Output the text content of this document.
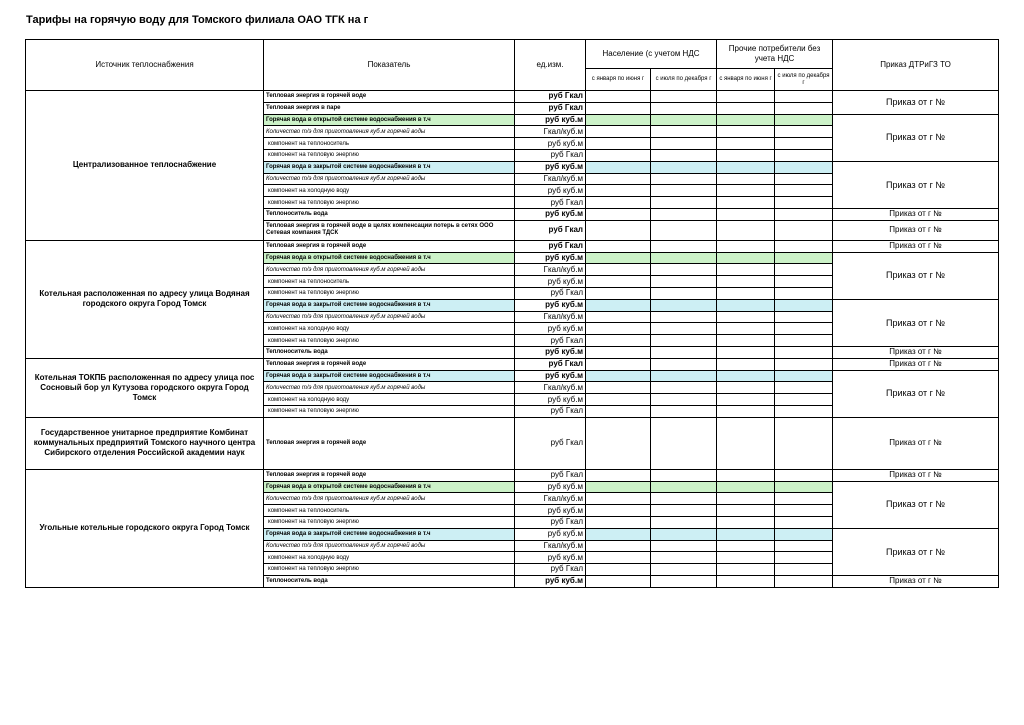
Тарифы на горячую воду для Томского филиала ОАО ТГК на г
Источник теплоснабжения	Показатель	ед.изм.	Население (с учетом НДС		Прочие потребители без учета НДС		Приказ ДТРиГЗ ТО
			с января по июня г	с июля по декабря г	с января по июня г	с июля по декабря г	
Централизованное теплоснабжение	Тепловая энергия в горячей воде	руб Гкал					Приказ от г №
	Тепловая энергия в паре	руб Гкал					
	Горячая вода в открытой системе водоснабжения в т.ч	руб куб.м					Приказ от г №
	Количество т/э для приготовления куб.м горячей воды	Гкал/куб.м					
	компонент на теплоноситель	руб куб.м					
	компонент на тепловую энергию	руб Гкал					
	Горячая вода в закрытой системе водоснабжения в т.ч	руб куб.м					Приказ от г №
	Количество т/э для приготовления куб.м горячей воды	Гкал/куб.м					
	компонент на холодную воду	руб куб.м					
	компонент на тепловую энергию	руб Гкал					
	Теплоноситель вода	руб куб.м					Приказ от г №
	Тепловая энергия в горячей воде в целях компенсации потерь в сетях ООО Сетевая компания ТДСК	руб Гкал					Приказ от г №
Котельная расположенная по адресу улица Водяная городского округа Город Томск	Тепловая энергия в горячей воде	руб Гкал					Приказ от г №
	Горячая вода в открытой системе водоснабжения в т.ч	руб куб.м					Приказ от г №
	Количество т/э для приготовления куб.м горячей воды	Гкал/куб.м					
	компонент на теплоноситель	руб куб.м					
	компонент на тепловую энергию	руб Гкал					
	Горячая вода в закрытой системе водоснабжения в т.ч	руб куб.м					Приказ от г №
	Количество т/э для приготовления куб.м горячей воды	Гкал/куб.м					
	компонент на холодную воду	руб куб.м					
	компонент на тепловую энергию	руб Гкал					
	Теплоноситель вода	руб куб.м					Приказ от г №
Котельная ТОКПБ расположенная по адресу улица пос Сосновый бор ул Кутузова городского округа Город Томск	Тепловая энергия в горячей воде	руб Гкал					Приказ от г №
	Горячая вода в закрытой системе водоснабжения в т.ч	руб куб.м					Приказ от г №
	Количество т/э для приготовления куб.м горячей воды	Гкал/куб.м					
	компонент на холодную воду	руб куб.м					
	компонент на тепловую энергию	руб Гкал					
Государственное унитарное предприятие Комбинат коммунальных предприятий Томского научного центра Сибирского отделения Российской академии наук	Тепловая энергия в горячей воде	руб Гкал					Приказ от г №
Угольные котельные городского округа Город Томск	Тепловая энергия в горячей воде	руб Гкал					Приказ от г №
	Горячая вода в открытой системе водоснабжения в т.ч	руб куб.м					Приказ от г №
	Количество т/э для приготовления куб.м горячей воды	Гкал/куб.м					
	компонент на теплоноситель	руб куб.м					
	компонент на тепловую энергию	руб Гкал					
	Горячая вода в закрытой системе водоснабжения в т.ч	руб куб.м					Приказ от г №
	Количество т/э для приготовления куб.м горячей воды	Гкал/куб.м					
	компонент на холодную воду	руб куб.м					
	компонент на тепловую энергию	руб Гкал					
	Теплоноситель вода	руб куб.м					Приказ от г №
